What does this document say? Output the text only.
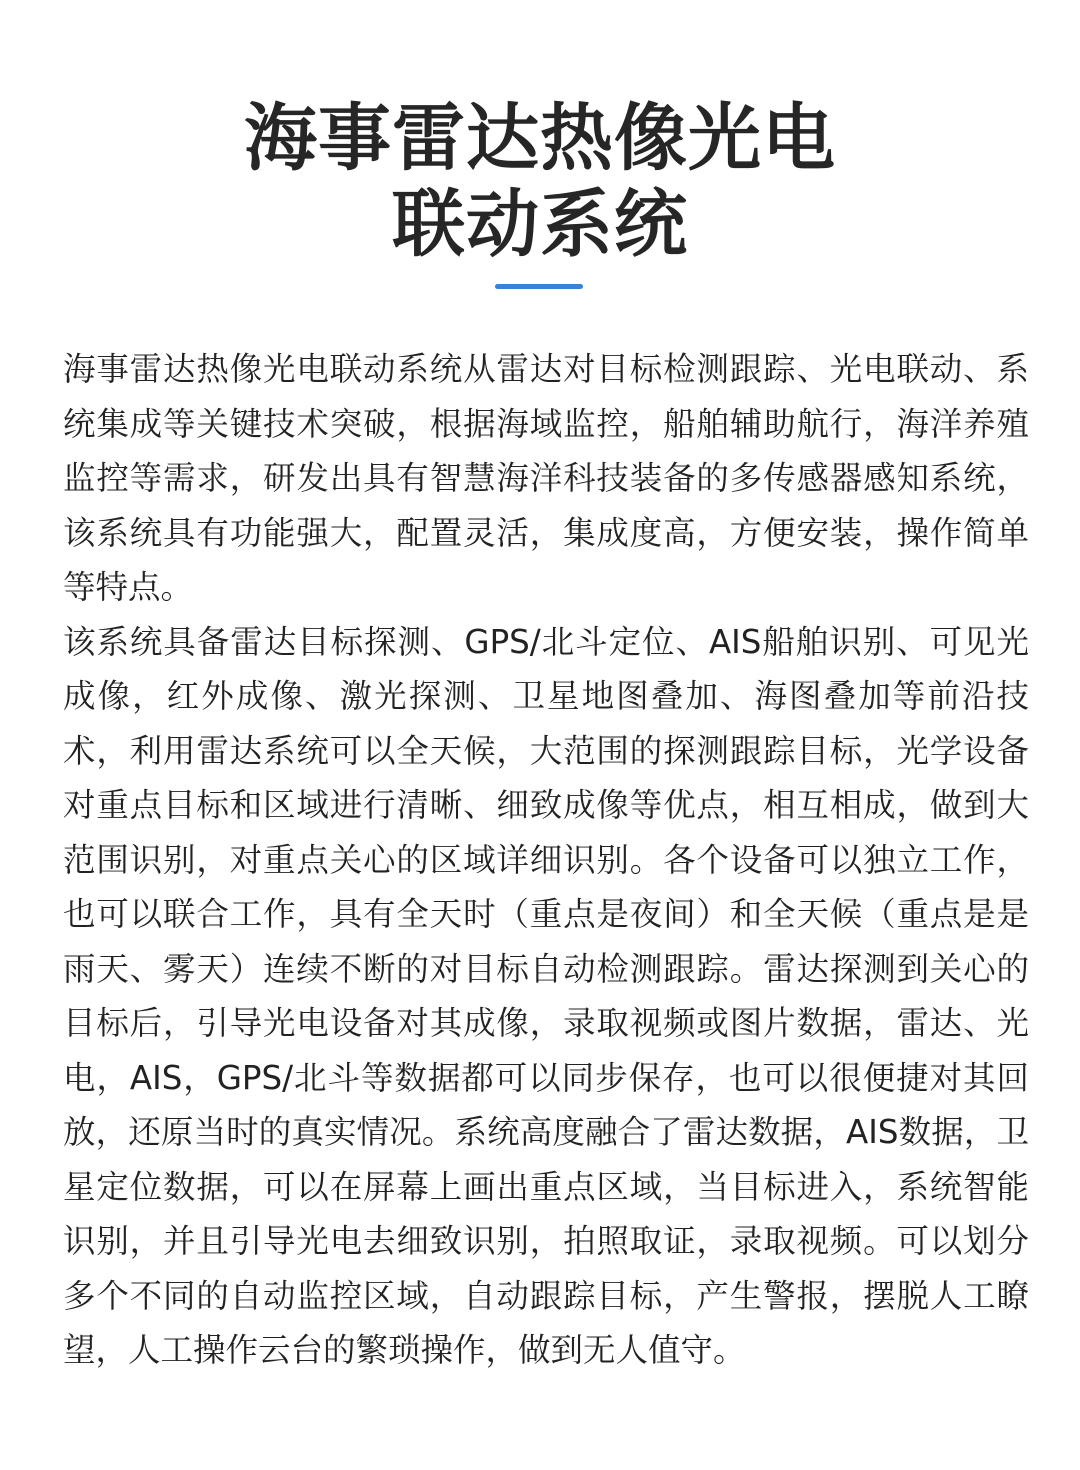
海事雷达热像光电
联动系统

海事雷达热像光电联动系统从雷达对目标检测跟踪、光电联动、系统集成等关键技术突破，根据海域监控，船舶辅助航行，海洋养殖监控等需求，研发出具有智慧海洋科技装备的多传感器感知系统，该系统具有功能强大，配置灵活，集成度高，方便安装，操作简单等特点。

该系统具备雷达目标探测、GPS/北斗定位、AIS船舶识别、可见光成像，红外成像、激光探测、卫星地图叠加、海图叠加等前沿技术，利用雷达系统可以全天候，大范围的探测跟踪目标，光学设备对重点目标和区域进行清晰、细致成像等优点，相互相成，做到大范围识别，对重点关心的区域详细识别。各个设备可以独立工作，也可以联合工作，具有全天时（重点是夜间）和全天候（重点是是雨天、雾天）连续不断的对目标自动检测跟踪。雷达探测到关心的目标后，引导光电设备对其成像，录取视频或图片数据，雷达、光电，AIS，GPS/北斗等数据都可以同步保存，也可以很便捷对其回放，还原当时的真实情况。系统高度融合了雷达数据，AIS数据，卫星定位数据，可以在屏幕上画出重点区域，当目标进入，系统智能识别，并且引导光电去细致识别，拍照取证，录取视频。可以划分多个不同的自动监控区域，自动跟踪目标，产生警报，摆脱人工瞭望，人工操作云台的繁琐操作，做到无人值守。
